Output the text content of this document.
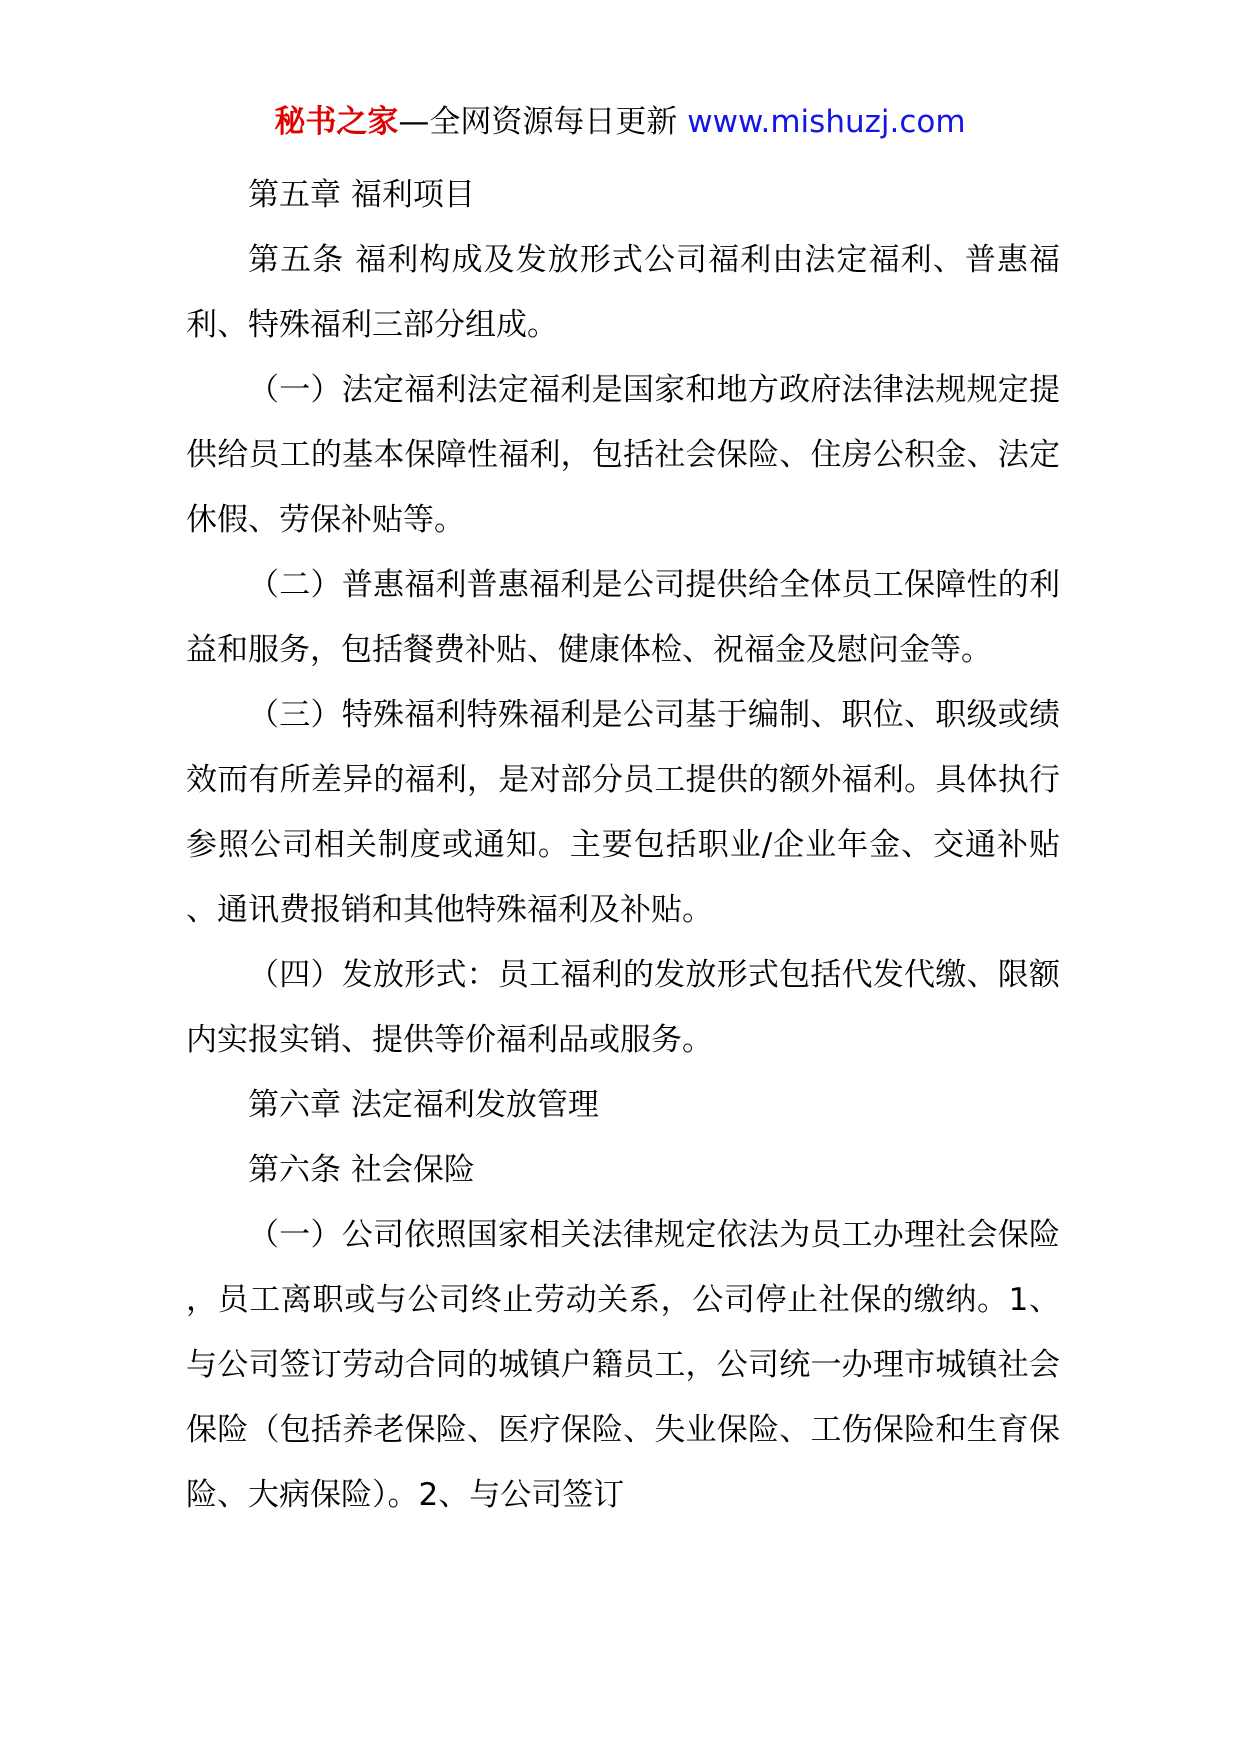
秘书之家—全网资源每日更新 www.mishuzj.com

第五章 福利项目

第五条 福利构成及发放形式公司福利由法定福利、普惠福利、特殊福利三部分组成。

（一）法定福利法定福利是国家和地方政府法律法规规定提供给员工的基本保障性福利，包括社会保险、住房公积金、法定休假、劳保补贴等。

（二）普惠福利普惠福利是公司提供给全体员工保障性的利益和服务，包括餐费补贴、健康体检、祝福金及慰问金等。

（三）特殊福利特殊福利是公司基于编制、职位、职级或绩效而有所差异的福利，是对部分员工提供的额外福利。具体执行参照公司相关制度或通知。主要包括职业/企业年金、交通补贴、通讯费报销和其他特殊福利及补贴。

（四）发放形式：员工福利的发放形式包括代发代缴、限额内实报实销、提供等价福利品或服务。

第六章 法定福利发放管理

第六条 社会保险

（一）公司依照国家相关法律规定依法为员工办理社会保险，员工离职或与公司终止劳动关系，公司停止社保的缴纳。1、与公司签订劳动合同的城镇户籍员工，公司统一办理市城镇社会保险（包括养老保险、医疗保险、失业保险、工伤保险和生育保险、大病保险）。2、与公司签订
